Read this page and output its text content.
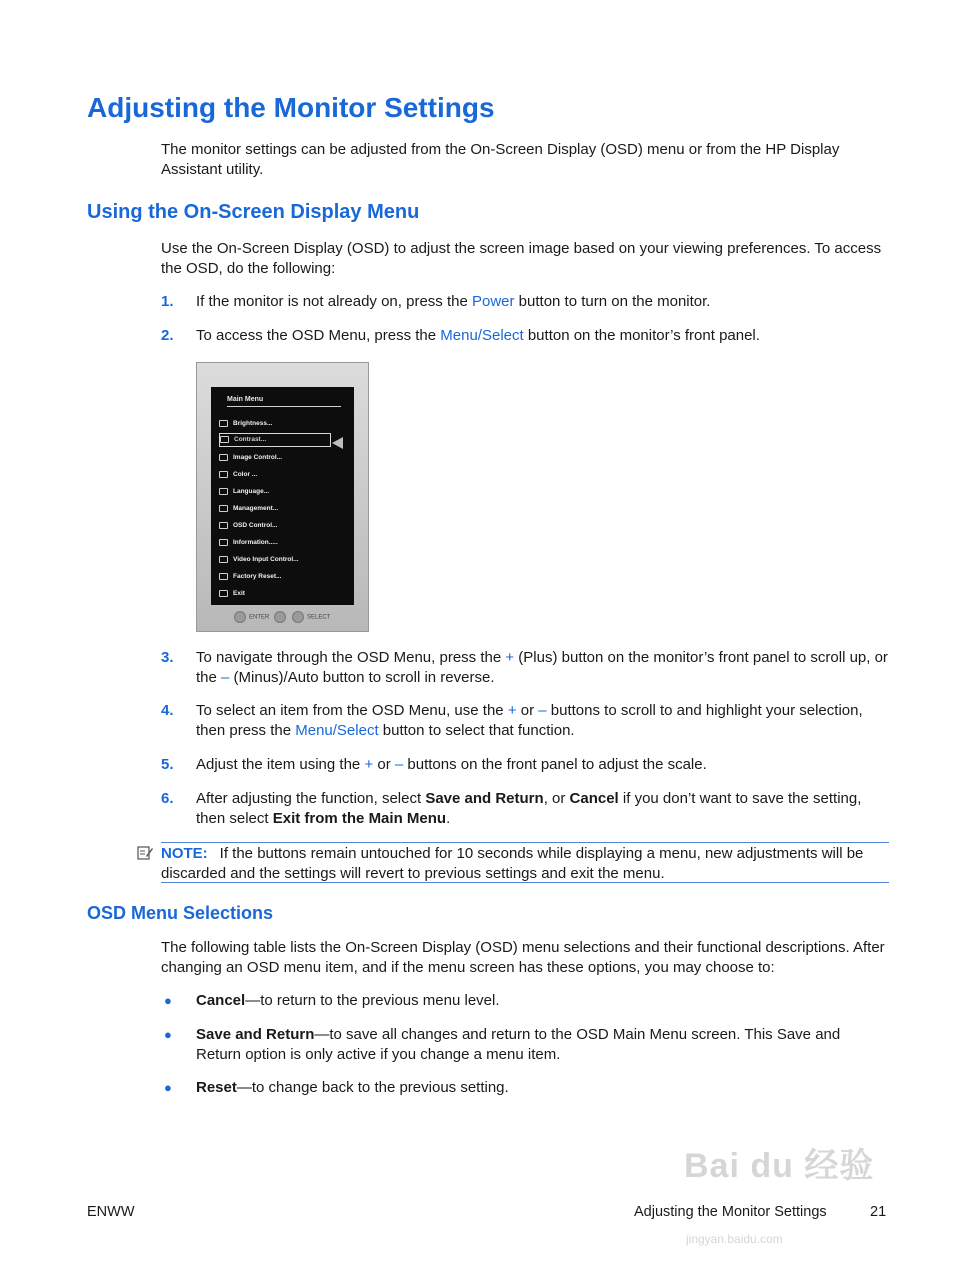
Adjusting the Monitor Settings

The monitor settings can be adjusted from the On-Screen Display (OSD) menu or from the HP Display Assistant utility.

Using the On-Screen Display Menu

Use the On-Screen Display (OSD) to adjust the screen image based on your viewing preferences. To access the OSD, do the following:

1. If the monitor is not already on, press the Power button to turn on the monitor.
2. To access the OSD Menu, press the Menu/Select button on the monitor’s front panel.
Main Menu
Brightness...
Contrast...
Image Control...
Color ...
Language...
Management...
OSD Control...
Information.....
Video Input Control...
Factory Reset...
Exit
ENTER	SELECT
3. To navigate through the OSD Menu, press the + (Plus) button on the monitor’s front panel to scroll up, or the – (Minus)/Auto button to scroll in reverse.
4. To select an item from the OSD Menu, use the + or – buttons to scroll to and highlight your selection, then press the Menu/Select button to select that function.
5. Adjust the item using the + or – buttons on the front panel to adjust the scale.
6. After adjusting the function, select Save and Return, or Cancel if you don’t want to save the setting, then select Exit from the Main Menu.
NOTE: If the buttons remain untouched for 10 seconds while displaying a menu, new adjustments will be discarded and the settings will revert to previous settings and exit the menu.
OSD Menu Selections

The following table lists the On-Screen Display (OSD) menu selections and their functional descriptions. After changing an OSD menu item, and if the menu screen has these options, you may choose to:

● Cancel—to return to the previous menu level.
● Save and Return—to save all changes and return to the OSD Main Menu screen. This Save and Return option is only active if you change a menu item.
● Reset—to change back to the previous setting.
Bai du 经验
jingyan.baidu.com
ENWW	Adjusting the Monitor Settings	21
